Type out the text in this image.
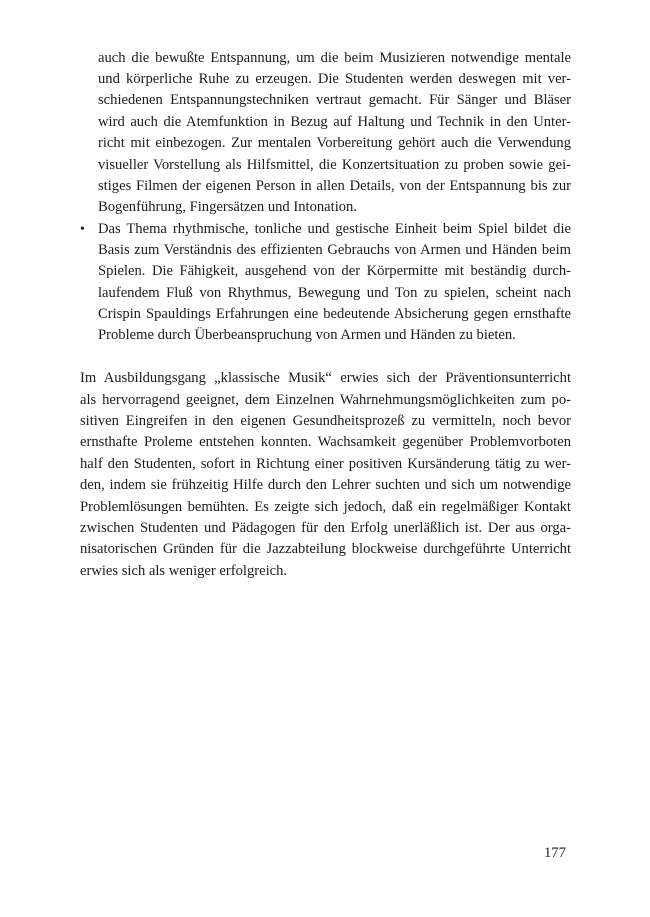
auch die bewußte Entspannung, um die beim Musizieren notwendige mentale
und körperliche Ruhe zu erzeugen. Die Studenten werden deswegen mit ver-
schiedenen Entspannungstechniken vertraut gemacht. Für Sänger und Bläser
wird auch die Atemfunktion in Bezug auf Haltung und Technik in den Unter-
richt mit einbezogen. Zur mentalen Vorbereitung gehört auch die Verwendung
visueller Vorstellung als Hilfsmittel, die Konzertsituation zu proben sowie gei-
stiges Filmen der eigenen Person in allen Details, von der Entspannung bis zur
Bogenführung, Fingersätzen und Intonation.
• Das Thema rhythmische, tonliche und gestische Einheit beim Spiel bildet die
Basis zum Verständnis des effizienten Gebrauchs von Armen und Händen beim
Spielen. Die Fähigkeit, ausgehend von der Körpermitte mit beständig durch-
laufendem Fluß von Rhythmus, Bewegung und Ton zu spielen, scheint nach
Crispin Spauldings Erfahrungen eine bedeutende Absicherung gegen ernsthafte
Probleme durch Überbeanspruchung von Armen und Händen zu bieten.
Im Ausbildungsgang „klassische Musik“ erwies sich der Präventionsunterricht
als hervorragend geeignet, dem Einzelnen Wahrnehmungsmöglichkeiten zum po-
sitiven Eingreifen in den eigenen Gesundheitsprozeß zu vermitteln, noch bevor
ernsthafte Proleme entstehen konnten. Wachsamkeit gegenüber Problemvorboten
half den Studenten, sofort in Richtung einer positiven Kursänderung tätig zu wer-
den, indem sie frühzeitig Hilfe durch den Lehrer suchten und sich um notwendige
Problemlösungen bemühten. Es zeigte sich jedoch, daß ein regelmäßiger Kontakt
zwischen Studenten und Pädagogen für den Erfolg unerläßlich ist. Der aus orga-
nisatorischen Gründen für die Jazzabteilung blockweise durchgeführte Unterricht
erwies sich als weniger erfolgreich.
177
